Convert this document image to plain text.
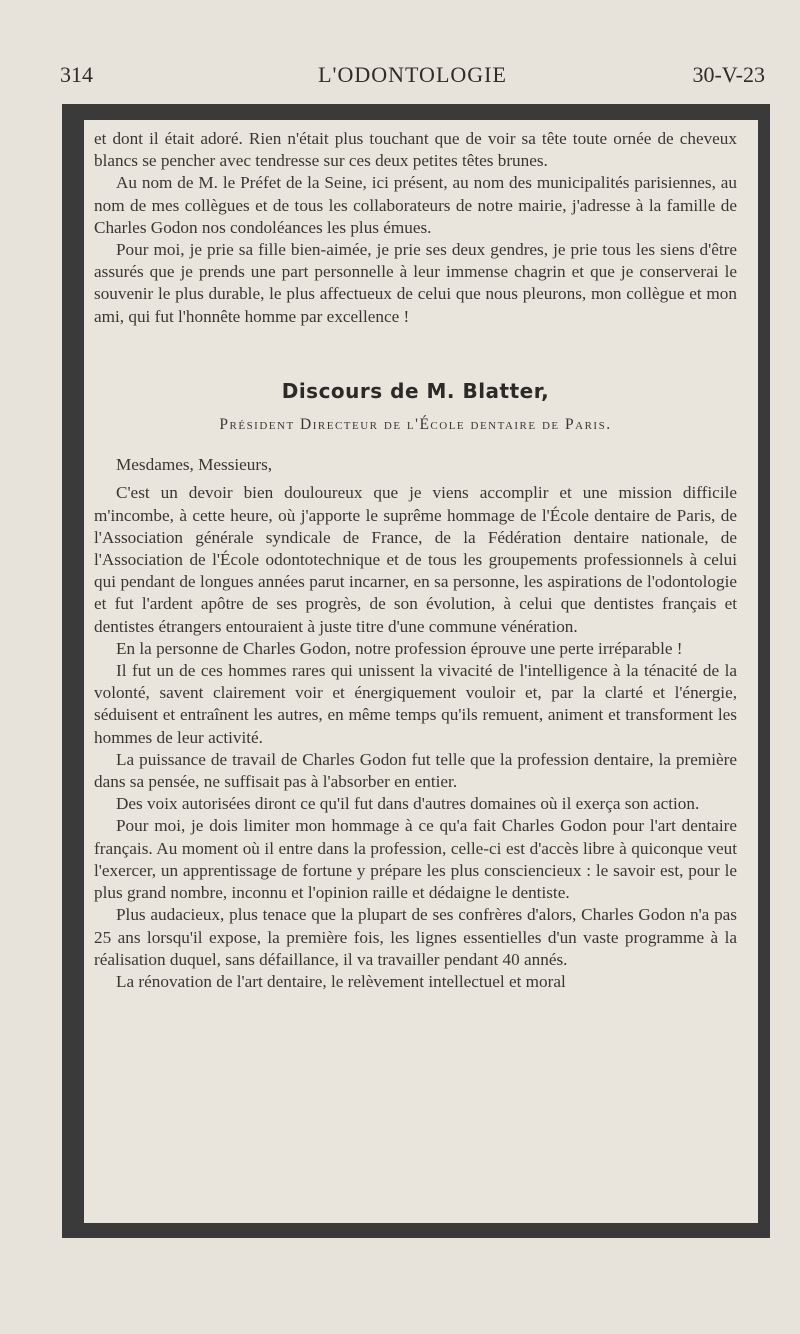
314	L'ODONTOLOGIE	30-V-23

et dont il était adoré. Rien n'était plus touchant que de voir sa tête toute ornée de cheveux blancs se pencher avec tendresse sur ces deux petites têtes brunes.

Au nom de M. le Préfet de la Seine, ici présent, au nom des municipalités parisiennes, au nom de mes collègues et de tous les collaborateurs de notre mairie, j'adresse à la famille de Charles Godon nos condoléances les plus émues.

Pour moi, je prie sa fille bien-aimée, je prie ses deux gendres, je prie tous les siens d'être assurés que je prends une part personnelle à leur immense chagrin et que je conserverai le souvenir le plus durable, le plus affectueux de celui que nous pleurons, mon collègue et mon ami, qui fut l'honnête homme par excellence !

Discours de M. Blatter,
Président Directeur de l'École dentaire de Paris.

Mesdames, Messieurs,

C'est un devoir bien douloureux que je viens accomplir et une mission difficile m'incombe, à cette heure, où j'apporte le suprême hommage de l'École dentaire de Paris, de l'Association générale syndicale de France, de la Fédération dentaire nationale, de l'Association de l'École odontotechnique et de tous les groupements professionnels à celui qui pendant de longues années parut incarner, en sa personne, les aspirations de l'odontologie et fut l'ardent apôtre de ses progrès, de son évolution, à celui que dentistes français et dentistes étrangers entouraient à juste titre d'une commune vénération.

En la personne de Charles Godon, notre profession éprouve une perte irréparable !

Il fut un de ces hommes rares qui unissent la vivacité de l'intelligence à la ténacité de la volonté, savent clairement voir et énergiquement vouloir et, par la clarté et l'énergie, séduisent et entraînent les autres, en même temps qu'ils remuent, animent et transforment les hommes de leur activité.

La puissance de travail de Charles Godon fut telle que la profession dentaire, la première dans sa pensée, ne suffisait pas à l'absorber en entier.

Des voix autorisées diront ce qu'il fut dans d'autres domaines où il exerça son action.

Pour moi, je dois limiter mon hommage à ce qu'a fait Charles Godon pour l'art dentaire français. Au moment où il entre dans la profession, celle-ci est d'accès libre à quiconque veut l'exercer, un apprentissage de fortune y prépare les plus consciencieux : le savoir est, pour le plus grand nombre, inconnu et l'opinion raille et dédaigne le dentiste.

Plus audacieux, plus tenace que la plupart de ses confrères d'alors, Charles Godon n'a pas 25 ans lorsqu'il expose, la première fois, les lignes essentielles d'un vaste programme à la réalisation duquel, sans défaillance, il va travailler pendant 40 annés.

La rénovation de l'art dentaire, le relèvement intellectuel et moral
